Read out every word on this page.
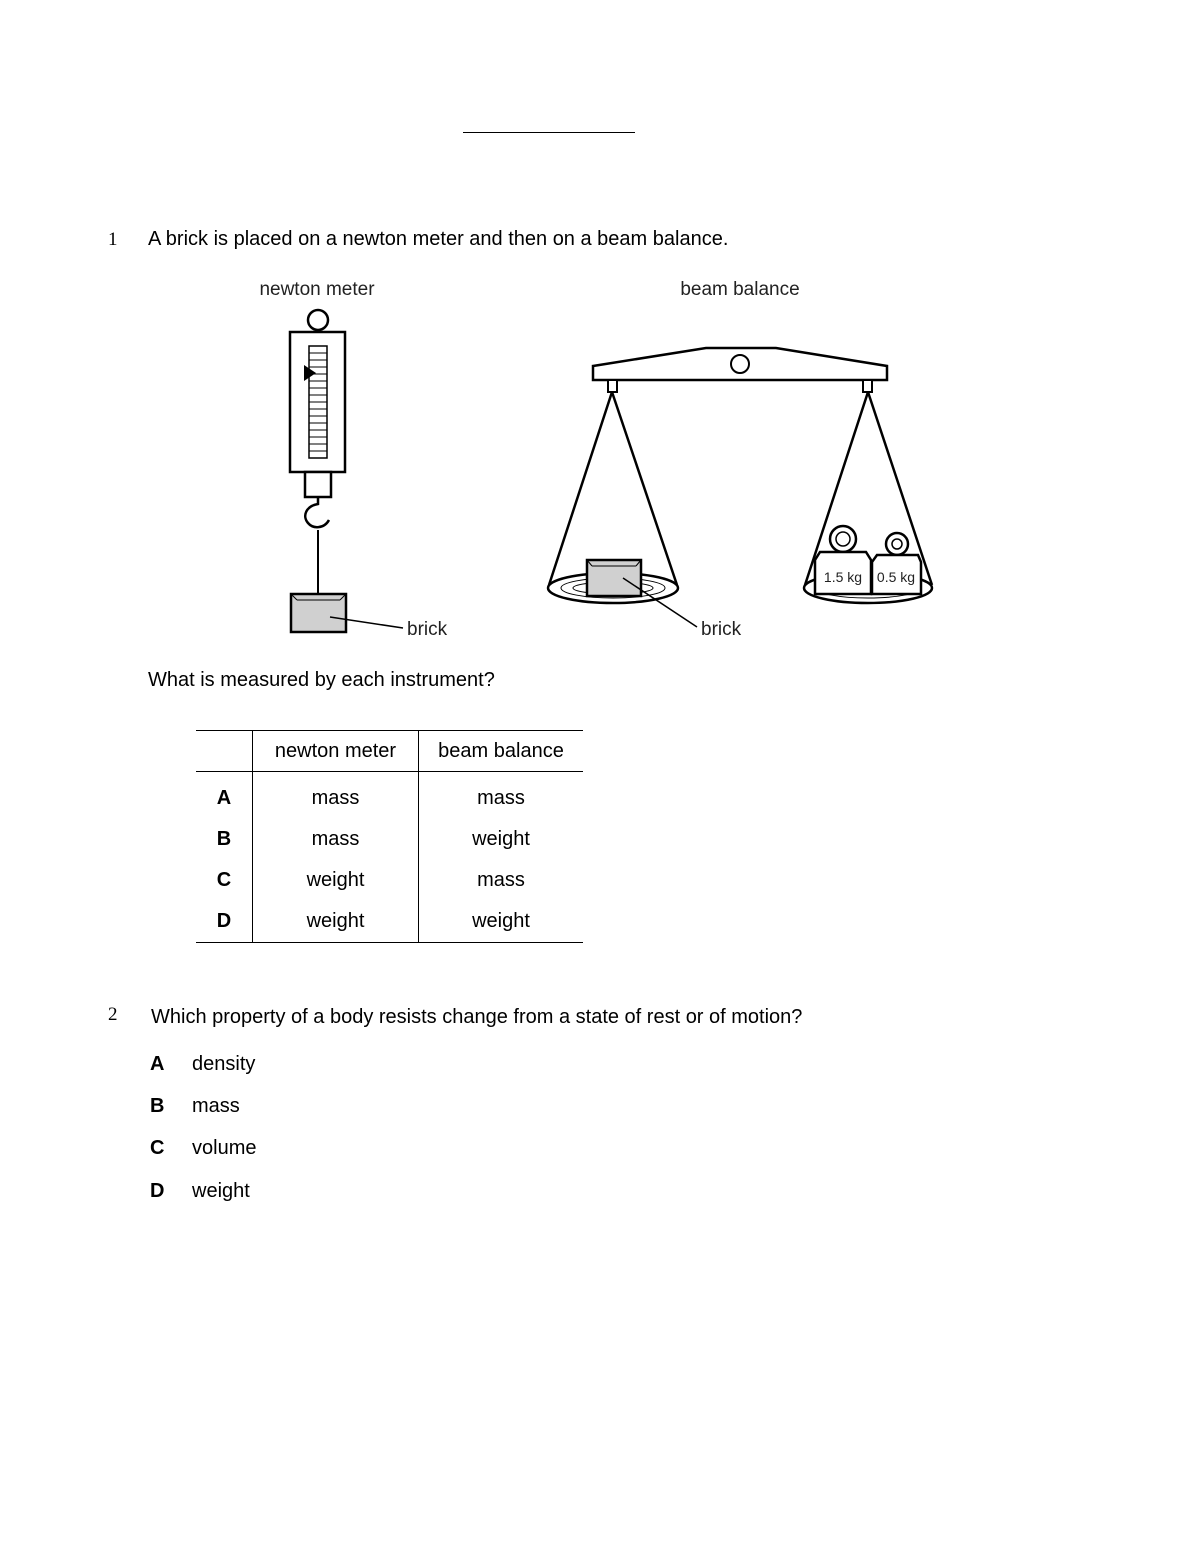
1 A brick is placed on a newton meter and then on a beam balance.
newton meter	beam balance
brick
1.5 kg 0.5 kg
brick
What is measured by each instrument?
	newton meter	beam balance
A	mass	mass
B	mass	weight
C	weight	mass
D	weight	weight
2 Which property of a body resists change from a state of rest or of motion?
A density
B mass
C volume
D weight
